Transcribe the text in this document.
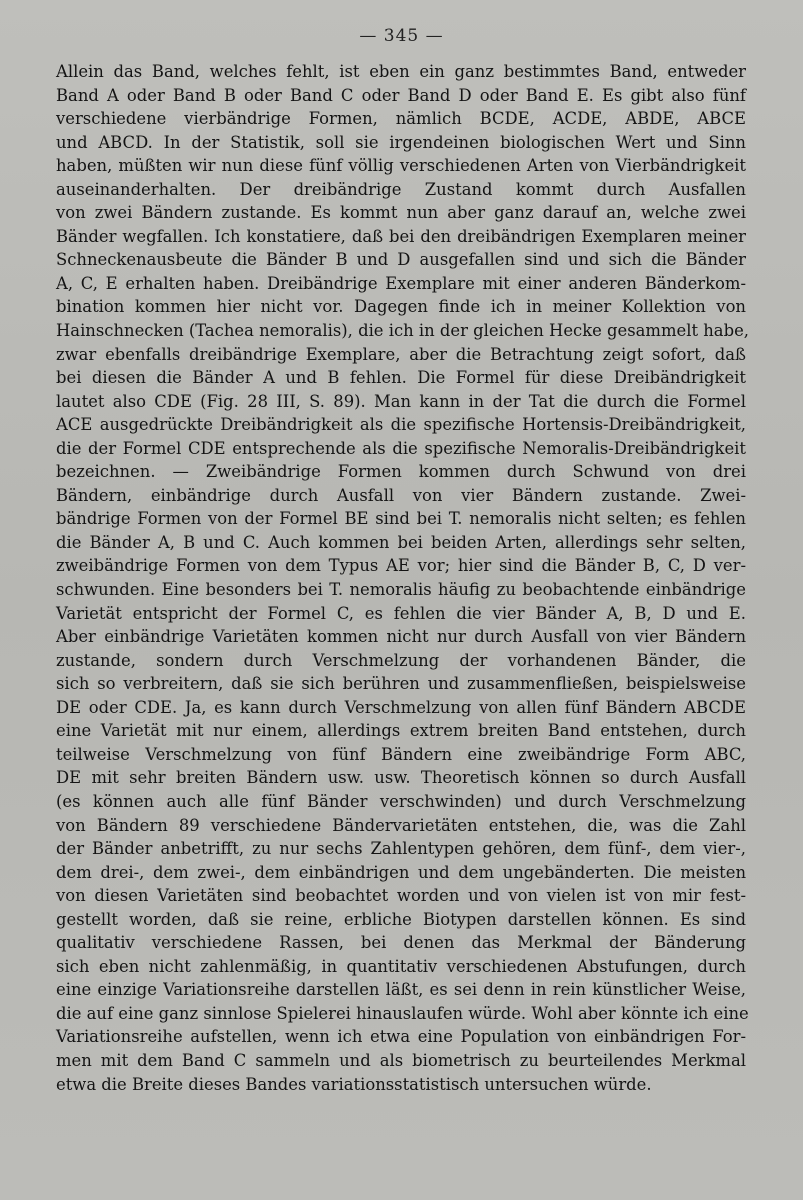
— 345 —
Allein das Band, welches fehlt, ist eben ein ganz bestimmtes Band, entweder
Band A oder Band B oder Band C oder Band D oder Band E. Es gibt also fünf
verschiedene vierbändrige Formen, nämlich BCDE, ACDE, ABDE, ABCE
und ABCD. In der Statistik, soll sie irgendeinen biologischen Wert und Sinn
haben, müßten wir nun diese fünf völlig verschiedenen Arten von Vierbändrigkeit
auseinanderhalten. Der dreibändrige Zustand kommt durch Ausfallen
von zwei Bändern zustande. Es kommt nun aber ganz darauf an, welche zwei
Bänder wegfallen. Ich konstatiere, daß bei den dreibändrigen Exemplaren meiner
Schneckenausbeute die Bänder B und D ausgefallen sind und sich die Bänder
A, C, E erhalten haben. Dreibändrige Exemplare mit einer anderen Bänderkom-
bination kommen hier nicht vor. Dagegen finde ich in meiner Kollektion von
Hainschnecken (Tachea nemoralis), die ich in der gleichen Hecke gesammelt habe,
zwar ebenfalls dreibändrige Exemplare, aber die Betrachtung zeigt sofort, daß
bei diesen die Bänder A und B fehlen. Die Formel für diese Dreibändrigkeit
lautet also CDE (Fig. 28 III, S. 89). Man kann in der Tat die durch die Formel
ACE ausgedrückte Dreibändrigkeit als die spezifische Hortensis-Dreibändrigkeit,
die der Formel CDE entsprechende als die spezifische Nemoralis-Dreibändrigkeit
bezeichnen. — Zweibändrige Formen kommen durch Schwund von drei
Bändern, einbändrige durch Ausfall von vier Bändern zustande. Zwei-
bändrige Formen von der Formel BE sind bei T. nemoralis nicht selten; es fehlen
die Bänder A, B und C. Auch kommen bei beiden Arten, allerdings sehr selten,
zweibändrige Formen von dem Typus AE vor; hier sind die Bänder B, C, D ver-
schwunden. Eine besonders bei T. nemoralis häufig zu beobachtende einbändrige
Varietät entspricht der Formel C, es fehlen die vier Bänder A, B, D und E.
Aber einbändrige Varietäten kommen nicht nur durch Ausfall von vier Bändern
zustande, sondern durch Verschmelzung der vorhandenen Bänder, die
sich so verbreitern, daß sie sich berühren und zusammenfließen, beispielsweise
DE oder CDE. Ja, es kann durch Verschmelzung von allen fünf Bändern ABCDE
eine Varietät mit nur einem, allerdings extrem breiten Band entstehen, durch
teilweise Verschmelzung von fünf Bändern eine zweibändrige Form ABC,
DE mit sehr breiten Bändern usw. usw. Theoretisch können so durch Ausfall
(es können auch alle fünf Bänder verschwinden) und durch Verschmelzung
von Bändern 89 verschiedene Bändervarietäten entstehen, die, was die Zahl
der Bänder anbetrifft, zu nur sechs Zahlentypen gehören, dem fünf-, dem vier-,
dem drei-, dem zwei-, dem einbändrigen und dem ungebänderten. Die meisten
von diesen Varietäten sind beobachtet worden und von vielen ist von mir fest-
gestellt worden, daß sie reine, erbliche Biotypen darstellen können. Es sind
qualitativ verschiedene Rassen, bei denen das Merkmal der Bänderung
sich eben nicht zahlenmäßig, in quantitativ verschiedenen Abstufungen, durch
eine einzige Variationsreihe darstellen läßt, es sei denn in rein künstlicher Weise,
die auf eine ganz sinnlose Spielerei hinauslaufen würde. Wohl aber könnte ich eine
Variationsreihe aufstellen, wenn ich etwa eine Population von einbändrigen For-
men mit dem Band C sammeln und als biometrisch zu beurteilendes Merkmal
etwa die Breite dieses Bandes variationsstatistisch untersuchen würde.
